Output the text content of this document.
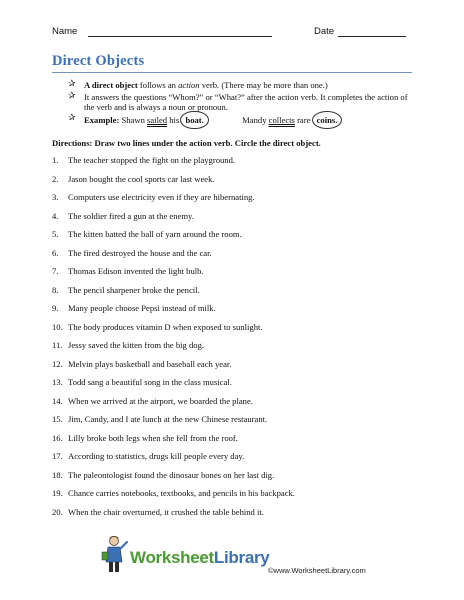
Name	Date
Direct Objects
✰ A direct object follows an action verb. (There may be more than one.)
✰ It answers the questions “Whom?” or “What?” after the action verb. It completes the action of the verb and is always a noun or pronoun.
✰ Example: Shawn sailed his boat.	Mandy collects rare coins.
Directions: Draw two lines under the action verb. Circle the direct object.
1. The teacher stopped the fight on the playground.
2. Jason bought the cool sports car last week.
3. Computers use electricity even if they are hibernating.
4. The soldier fired a gun at the enemy.
5. The kitten batted the ball of yarn around the room.
6. The fired destroyed the house and the car.
7. Thomas Edison invented the light bulb.
8. The pencil sharpener broke the pencil.
9. Many people choose Pepsi instead of milk.
10. The body produces vitamin D when exposed to sunlight.
11. Jessy saved the kitten from the big dog.
12. Melvin plays basketball and baseball each year.
13. Todd sang a beautiful song in the class musical.
14. When we arrived at the airport, we boarded the plane.
15. Jim, Candy, and I ate lunch at the new Chinese restaurant.
16. Lilly broke both legs when she fell from the roof.
17. According to statistics, drugs kill people every day.
18. The paleontologist found the dinosaur bones on her last dig.
19. Chance carries notebooks, textbooks, and pencils in his backpack.
20. When the chair overturned, it crushed the table behind it.
WorksheetLibrary
©www.WorksheetLibrary.com
